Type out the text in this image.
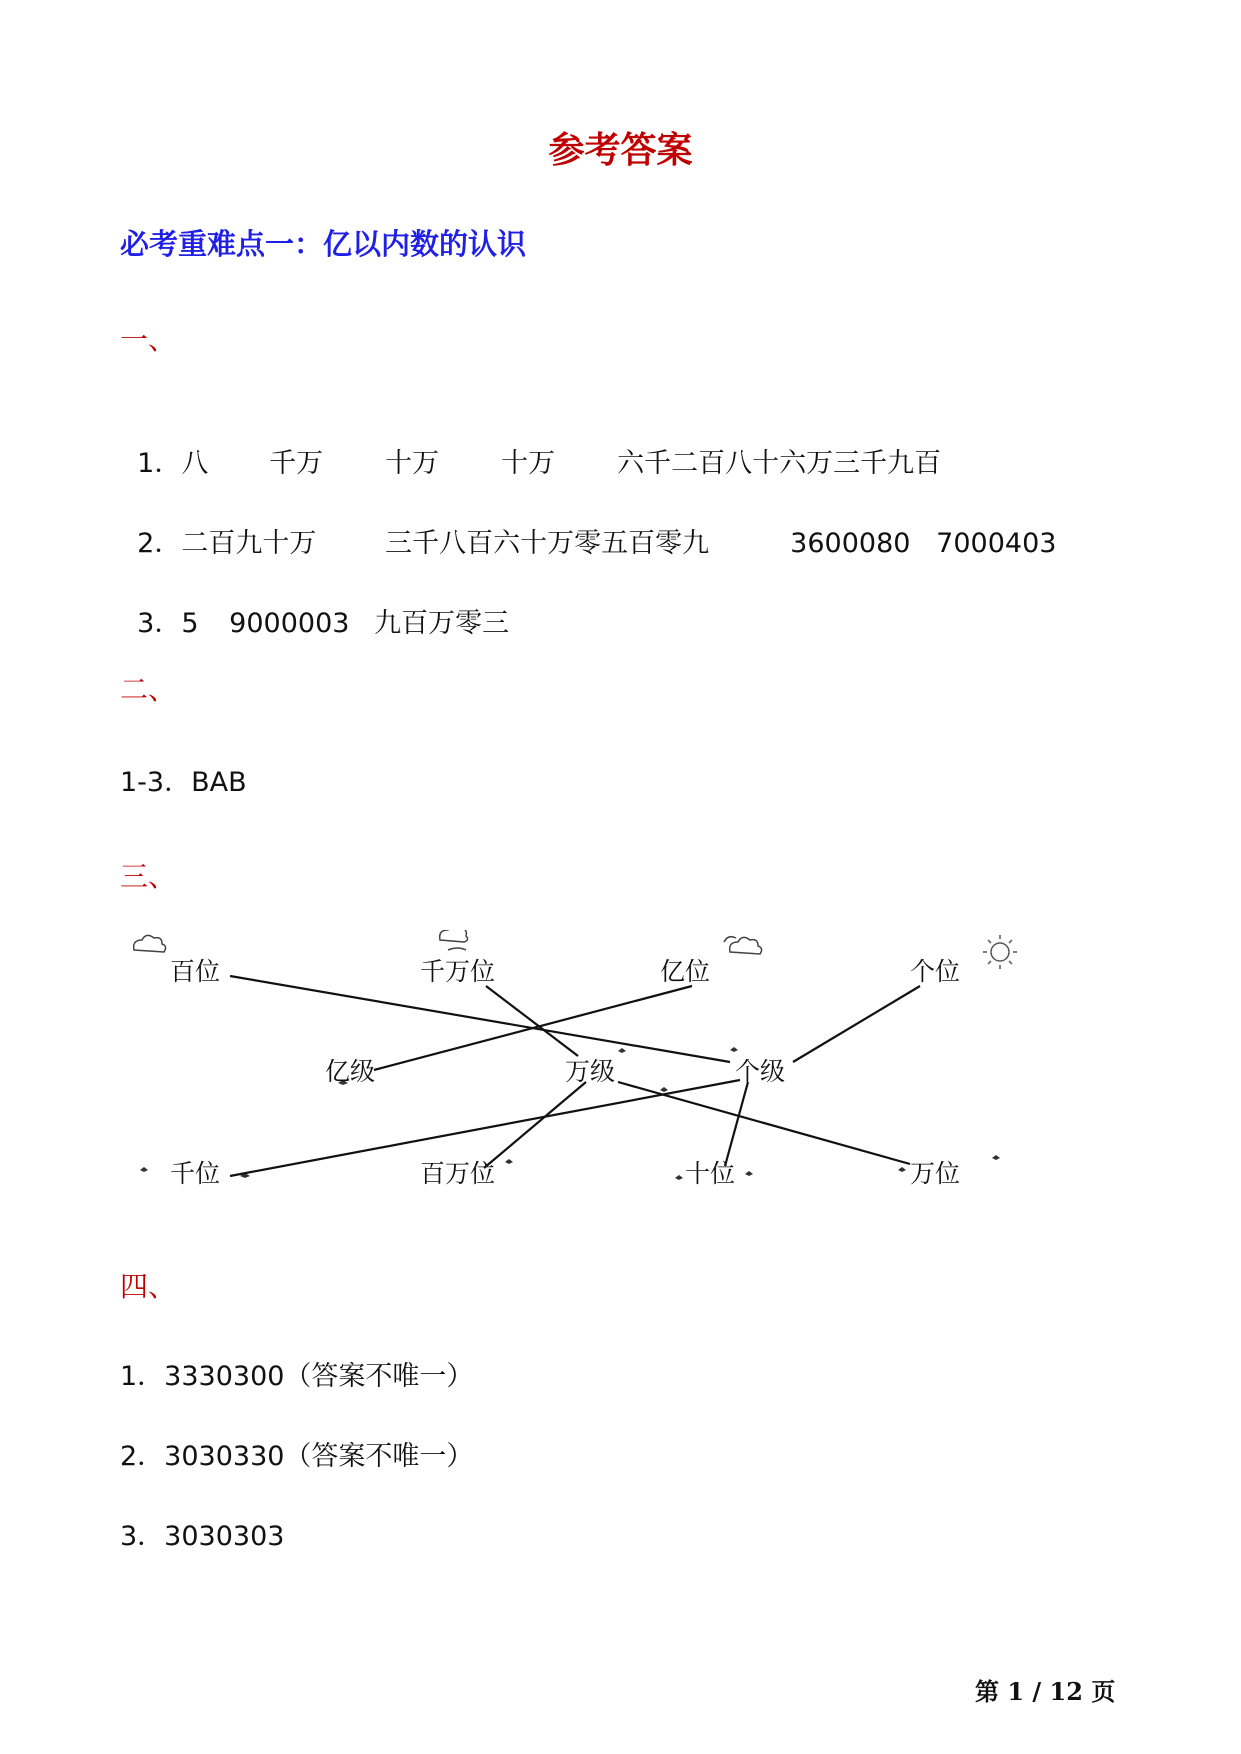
参考答案
必考重难点一：亿以内数的认识
一、

1．八 千万 十万 十万 六千二百八十六万三千九百

2．二百九十万	三千八百六十万零五百零九	3600080 7000403

3．5 9000003 九百万零三

二、
1-3．BAB
三、
百位	千万位	亿位	个位
亿级	万级	个级
千位	百万位	十位	万位
四、
1．3330300（答案不唯一）
2．3030330（答案不唯一）
3．3030303
第 1 / 12 页
